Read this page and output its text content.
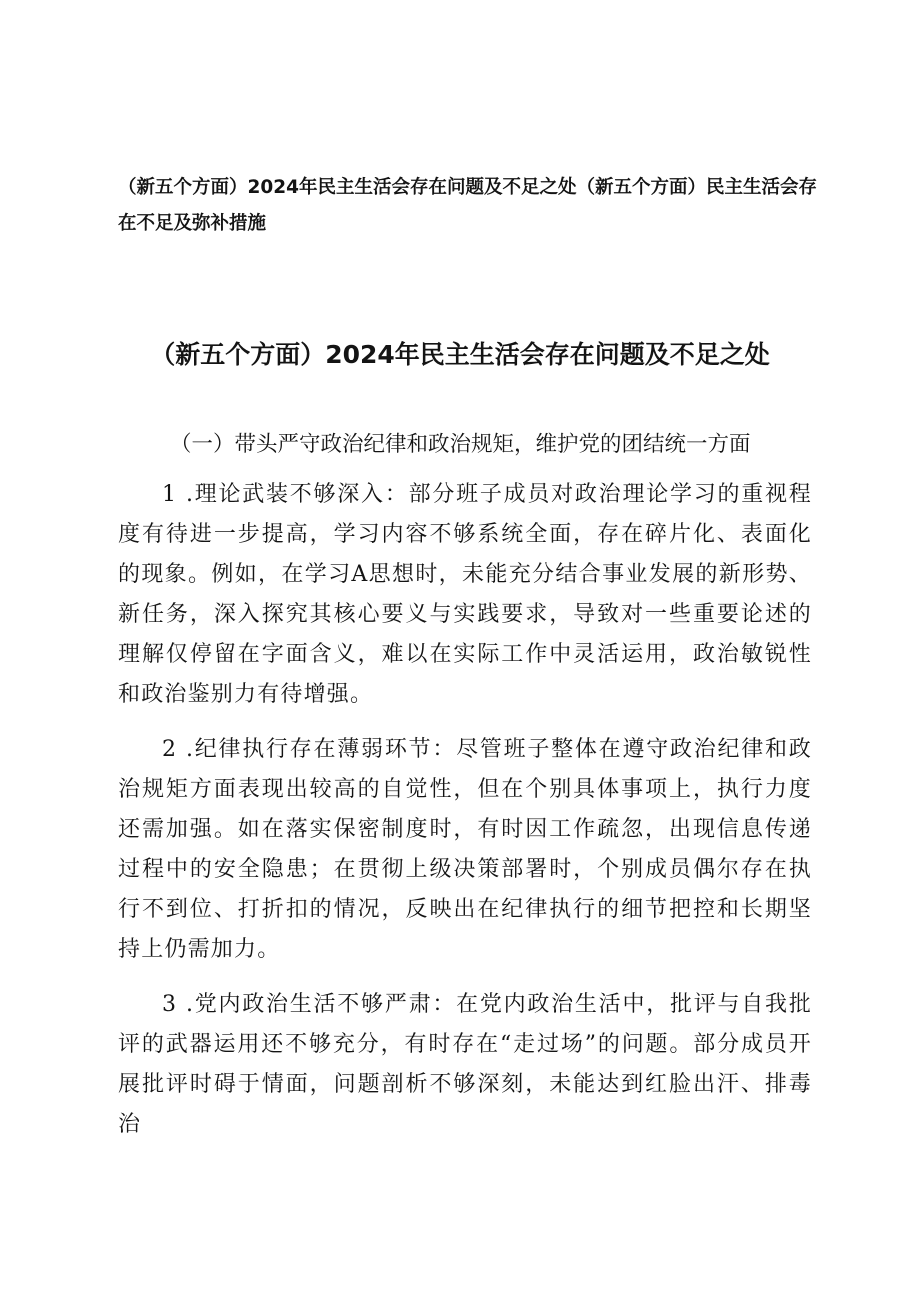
（新五个方面）2024年民主生活会存在问题及不足之处（新五个方面）民主生活会存在不足及弥补措施
（新五个方面）2024年民主生活会存在问题及不足之处
（一）带头严守政治纪律和政治规矩，维护党的团结统一方面

1 .理论武装不够深入：部分班子成员对政治理论学习的重视程度有待进一步提高，学习内容不够系统全面，存在碎片化、表面化的现象。例如，在学习A思想时，未能充分结合事业发展的新形势、新任务，深入探究其核心要义与实践要求，导致对一些重要论述的理解仅停留在字面含义，难以在实际工作中灵活运用，政治敏锐性和政治鉴别力有待增强。

2 .纪律执行存在薄弱环节：尽管班子整体在遵守政治纪律和政治规矩方面表现出较高的自觉性，但在个别具体事项上，执行力度还需加强。如在落实保密制度时，有时因工作疏忽，出现信息传递过程中的安全隐患；在贯彻上级决策部署时，个别成员偶尔存在执行不到位、打折扣的情况，反映出在纪律执行的细节把控和长期坚持上仍需加力。

3 .党内政治生活不够严肃：在党内政治生活中，批评与自我批评的武器运用还不够充分，有时存在“走过场”的问题。部分成员开展批评时碍于情面，问题剖析不够深刻，未能达到红脸出汗、排毒治
